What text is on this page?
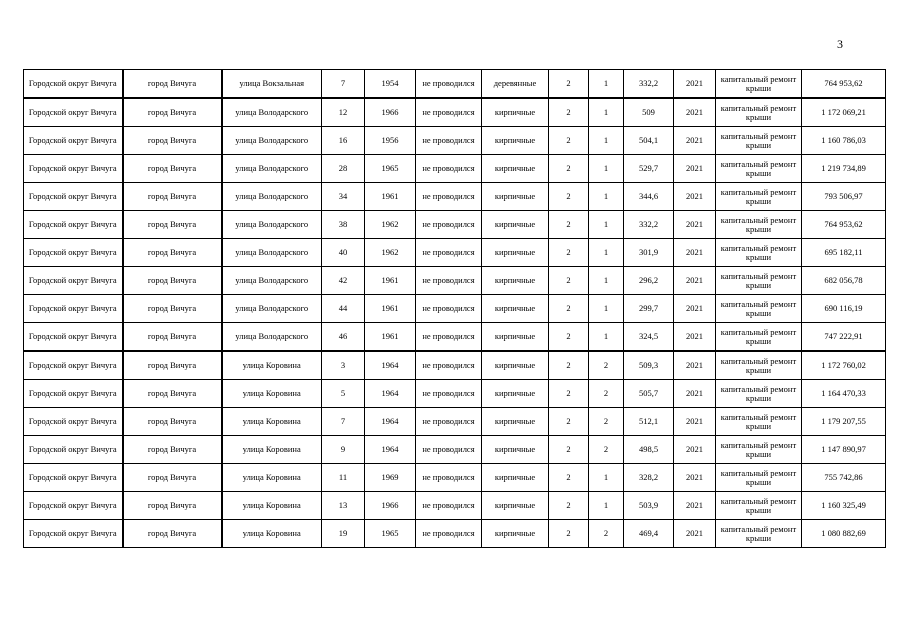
3
Городской округ Вичуга	город Вичуга	улица Вокзальная	7	1954	не проводился	деревянные	2	1	332,2	2021	капитальный ремонт крыши	764 953,62
Городской округ Вичуга	город Вичуга	улица Володарского	12	1966	не проводился	кирпичные	2	1	509	2021	капитальный ремонт крыши	1 172 069,21
Городской округ Вичуга	город Вичуга	улица Володарского	16	1956	не проводился	кирпичные	2	1	504,1	2021	капитальный ремонт крыши	1 160 786,03
Городской округ Вичуга	город Вичуга	улица Володарского	28	1965	не проводился	кирпичные	2	1	529,7	2021	капитальный ремонт крыши	1 219 734,89
Городской округ Вичуга	город Вичуга	улица Володарского	34	1961	не проводился	кирпичные	2	1	344,6	2021	капитальный ремонт крыши	793 506,97
Городской округ Вичуга	город Вичуга	улица Володарского	38	1962	не проводился	кирпичные	2	1	332,2	2021	капитальный ремонт крыши	764 953,62
Городской округ Вичуга	город Вичуга	улица Володарского	40	1962	не проводился	кирпичные	2	1	301,9	2021	капитальный ремонт крыши	695 182,11
Городской округ Вичуга	город Вичуга	улица Володарского	42	1961	не проводился	кирпичные	2	1	296,2	2021	капитальный ремонт крыши	682 056,78
Городской округ Вичуга	город Вичуга	улица Володарского	44	1961	не проводился	кирпичные	2	1	299,7	2021	капитальный ремонт крыши	690 116,19
Городской округ Вичуга	город Вичуга	улица Володарского	46	1961	не проводился	кирпичные	2	1	324,5	2021	капитальный ремонт крыши	747 222,91
Городской округ Вичуга	город Вичуга	улица Коровина	3	1964	не проводился	кирпичные	2	2	509,3	2021	капитальный ремонт крыши	1 172 760,02
Городской округ Вичуга	город Вичуга	улица Коровина	5	1964	не проводился	кирпичные	2	2	505,7	2021	капитальный ремонт крыши	1 164 470,33
Городской округ Вичуга	город Вичуга	улица Коровина	7	1964	не проводился	кирпичные	2	2	512,1	2021	капитальный ремонт крыши	1 179 207,55
Городской округ Вичуга	город Вичуга	улица Коровина	9	1964	не проводился	кирпичные	2	2	498,5	2021	капитальный ремонт крыши	1 147 890,97
Городской округ Вичуга	город Вичуга	улица Коровина	11	1969	не проводился	кирпичные	2	1	328,2	2021	капитальный ремонт крыши	755 742,86
Городской округ Вичуга	город Вичуга	улица Коровина	13	1966	не проводился	кирпичные	2	1	503,9	2021	капитальный ремонт крыши	1 160 325,49
Городской округ Вичуга	город Вичуга	улица Коровина	19	1965	не проводился	кирпичные	2	2	469,4	2021	капитальный ремонт крыши	1 080 882,69
